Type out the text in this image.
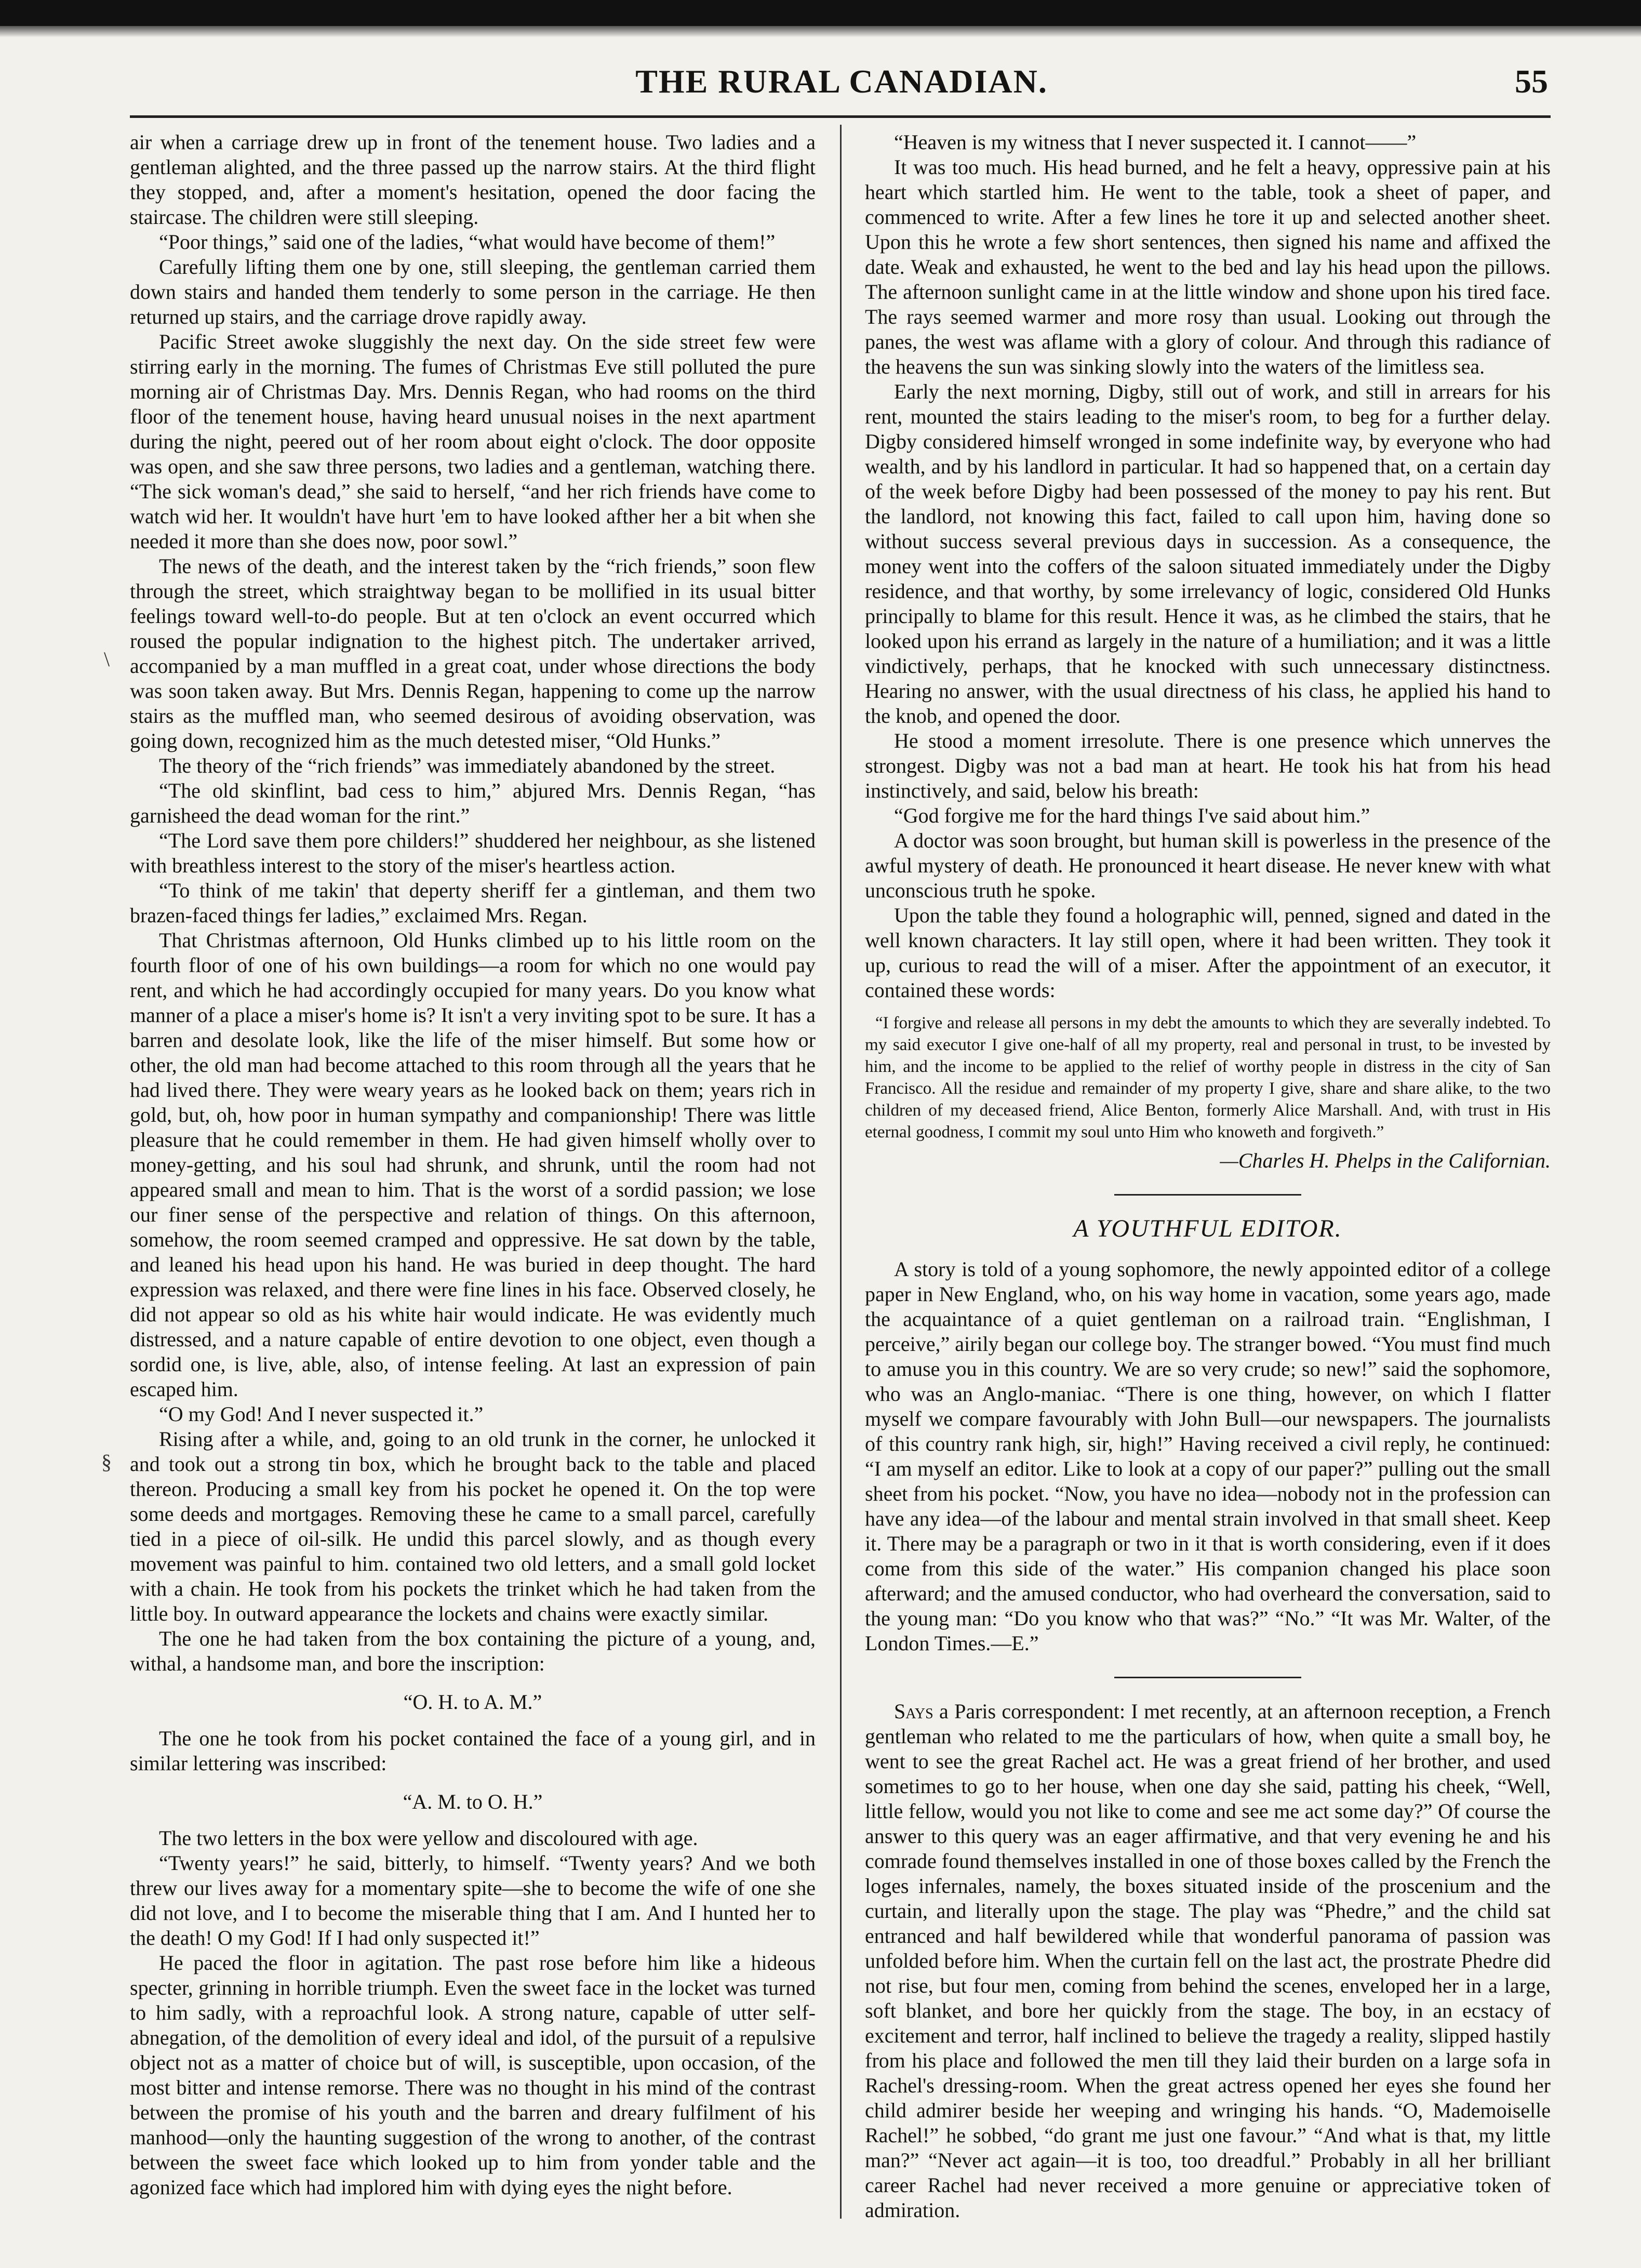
THE RURAL CANADIAN.	55
\
§

air when a carriage drew up in front of the tenement house. Two ladies and a gentleman alighted, and the three passed up the narrow stairs. At the third flight they stopped, and, after a moment's hesitation, opened the door facing the staircase. The children were still sleeping.

“Poor things,” said one of the ladies, “what would have become of them!”

Carefully lifting them one by one, still sleeping, the gentleman carried them down stairs and handed them tenderly to some person in the carriage. He then returned up stairs, and the carriage drove rapidly away.

Pacific Street awoke sluggishly the next day. On the side street few were stirring early in the morning. The fumes of Christmas Eve still polluted the pure morning air of Christmas Day. Mrs. Dennis Regan, who had rooms on the third floor of the tenement house, having heard unusual noises in the next apartment during the night, peered out of her room about eight o'clock. The door opposite was open, and she saw three persons, two ladies and a gentleman, watching there. “The sick woman's dead,” she said to herself, “and her rich friends have come to watch wid her. It wouldn't have hurt 'em to have looked afther her a bit when she needed it more than she does now, poor sowl.”

The news of the death, and the interest taken by the “rich friends,” soon flew through the street, which straightway began to be mollified in its usual bitter feelings toward well-to-do people. But at ten o'clock an event occurred which roused the popular indignation to the highest pitch. The undertaker arrived, accompanied by a man muffled in a great coat, under whose directions the body was soon taken away. But Mrs. Dennis Regan, happening to come up the narrow stairs as the muffled man, who seemed desirous of avoiding observation, was going down, recognized him as the much detested miser, “Old Hunks.”

The theory of the “rich friends” was immediately abandoned by the street.

“The old skinflint, bad cess to him,” abjured Mrs. Dennis Regan, “has garnisheed the dead woman for the rint.”

“The Lord save them pore childers!” shuddered her neighbour, as she listened with breathless interest to the story of the miser's heartless action.

“To think of me takin' that deperty sheriff fer a gintleman, and them two brazen-faced things fer ladies,” exclaimed Mrs. Regan.

That Christmas afternoon, Old Hunks climbed up to his little room on the fourth floor of one of his own buildings—a room for which no one would pay rent, and which he had accordingly occupied for many years. Do you know what manner of a place a miser's home is? It isn't a very inviting spot to be sure. It has a barren and desolate look, like the life of the miser himself. But some how or other, the old man had become attached to this room through all the years that he had lived there. They were weary years as he looked back on them; years rich in gold, but, oh, how poor in human sympathy and companionship! There was little pleasure that he could remember in them. He had given himself wholly over to money-getting, and his soul had shrunk, and shrunk, until the room had not appeared small and mean to him. That is the worst of a sordid passion; we lose our finer sense of the perspective and relation of things. On this afternoon, somehow, the room seemed cramped and oppressive. He sat down by the table, and leaned his head upon his hand. He was buried in deep thought. The hard expression was relaxed, and there were fine lines in his face. Observed closely, he did not appear so old as his white hair would indicate. He was evidently much distressed, and a nature capable of entire devotion to one object, even though a sordid one, is live, able, also, of intense feeling. At last an expression of pain escaped him.

“O my God! And I never suspected it.”

Rising after a while, and, going to an old trunk in the corner, he unlocked it and took out a strong tin box, which he brought back to the table and placed thereon. Producing a small key from his pocket he opened it. On the top were some deeds and mortgages. Removing these he came to a small parcel, carefully tied in a piece of oil-silk. He undid this parcel slowly, and as though every movement was painful to him. contained two old letters, and a small gold locket with a chain. He took from his pockets the trinket which he had taken from the little boy. In outward appearance the lockets and chains were exactly similar.

The one he had taken from the box containing the picture of a young, and, withal, a handsome man, and bore the inscription:

“O. H. to A. M.”

The one he took from his pocket contained the face of a young girl, and in similar lettering was inscribed:

“A. M. to O. H.”

The two letters in the box were yellow and discoloured with age.

“Twenty years!” he said, bitterly, to himself. “Twenty years? And we both threw our lives away for a momentary spite—she to become the wife of one she did not love, and I to become the miserable thing that I am. And I hunted her to the death! O my God! If I had only suspected it!”

He paced the floor in agitation. The past rose before him like a hideous specter, grinning in horrible triumph. Even the sweet face in the locket was turned to him sadly, with a reproachful look. A strong nature, capable of utter self-abnegation, of the demolition of every ideal and idol, of the pursuit of a repulsive object not as a matter of choice but of will, is susceptible, upon occasion, of the most bitter and intense remorse. There was no thought in his mind of the contrast between the promise of his youth and the barren and dreary fulfilment of his manhood—only the haunting suggestion of the wrong to another, of the contrast between the sweet face which looked up to him from yonder table and the agonized face which had implored him with dying eyes the night before.

“Heaven is my witness that I never suspected it. I cannot——”

It was too much. His head burned, and he felt a heavy, oppressive pain at his heart which startled him. He went to the table, took a sheet of paper, and commenced to write. After a few lines he tore it up and selected another sheet. Upon this he wrote a few short sentences, then signed his name and affixed the date. Weak and exhausted, he went to the bed and lay his head upon the pillows. The afternoon sunlight came in at the little window and shone upon his tired face. The rays seemed warmer and more rosy than usual. Looking out through the panes, the west was aflame with a glory of colour. And through this radiance of the heavens the sun was sinking slowly into the waters of the limitless sea.

Early the next morning, Digby, still out of work, and still in arrears for his rent, mounted the stairs leading to the miser's room, to beg for a further delay. Digby considered himself wronged in some indefinite way, by everyone who had wealth, and by his landlord in particular. It had so happened that, on a certain day of the week before Digby had been possessed of the money to pay his rent. But the landlord, not knowing this fact, failed to call upon him, having done so without success several previous days in succession. As a consequence, the money went into the coffers of the saloon situated immediately under the Digby residence, and that worthy, by some irrelevancy of logic, considered Old Hunks principally to blame for this result. Hence it was, as he climbed the stairs, that he looked upon his errand as largely in the nature of a humiliation; and it was a little vindictively, perhaps, that he knocked with such unnecessary distinctness. Hearing no answer, with the usual directness of his class, he applied his hand to the knob, and opened the door.

He stood a moment irresolute. There is one presence which unnerves the strongest. Digby was not a bad man at heart. He took his hat from his head instinctively, and said, below his breath:

“God forgive me for the hard things I've said about him.”

A doctor was soon brought, but human skill is powerless in the presence of the awful mystery of death. He pronounced it heart disease. He never knew with what unconscious truth he spoke.

Upon the table they found a holographic will, penned, signed and dated in the well known characters. It lay still open, where it had been written. They took it up, curious to read the will of a miser. After the appointment of an executor, it contained these words:

“I forgive and release all persons in my debt the amounts to which they are severally indebted. To my said executor I give one-half of all my property, real and personal in trust, to be invested by him, and the income to be applied to the relief of worthy people in distress in the city of San Francisco. All the residue and remainder of my property I give, share and share alike, to the two children of my deceased friend, Alice Benton, formerly Alice Marshall. And, with trust in His eternal goodness, I commit my soul unto Him who knoweth and forgiveth.”

—Charles H. Phelps in the Californian.

A YOUTHFUL EDITOR.

A story is told of a young sophomore, the newly appointed editor of a college paper in New England, who, on his way home in vacation, some years ago, made the acquaintance of a quiet gentleman on a railroad train. “Englishman, I perceive,” airily began our college boy. The stranger bowed. “You must find much to amuse you in this country. We are so very crude; so new!” said the sophomore, who was an Anglo-maniac. “There is one thing, however, on which I flatter myself we compare favourably with John Bull—our newspapers. The journalists of this country rank high, sir, high!” Having received a civil reply, he continued: “I am myself an editor. Like to look at a copy of our paper?” pulling out the small sheet from his pocket. “Now, you have no idea—nobody not in the profession can have any idea—of the labour and mental strain involved in that small sheet. Keep it. There may be a paragraph or two in it that is worth considering, even if it does come from this side of the water.” His companion changed his place soon afterward; and the amused conductor, who had overheard the conversation, said to the young man: “Do you know who that was?” “No.” “It was Mr. Walter, of the London Times.—E.”

Says a Paris correspondent: I met recently, at an afternoon reception, a French gentleman who related to me the particulars of how, when quite a small boy, he went to see the great Rachel act. He was a great friend of her brother, and used sometimes to go to her house, when one day she said, patting his cheek, “Well, little fellow, would you not like to come and see me act some day?” Of course the answer to this query was an eager affirmative, and that very evening he and his comrade found themselves installed in one of those boxes called by the French the loges infernales, namely, the boxes situated inside of the proscenium and the curtain, and literally upon the stage. The play was “Phedre,” and the child sat entranced and half bewildered while that wonderful panorama of passion was unfolded before him. When the curtain fell on the last act, the prostrate Phedre did not rise, but four men, coming from behind the scenes, enveloped her in a large, soft blanket, and bore her quickly from the stage. The boy, in an ecstacy of excitement and terror, half inclined to believe the tragedy a reality, slipped hastily from his place and followed the men till they laid their burden on a large sofa in Rachel's dressing-room. When the great actress opened her eyes she found her child admirer beside her weeping and wringing his hands. “O, Mademoiselle Rachel!” he sobbed, “do grant me just one favour.” “And what is that, my little man?” “Never act again—it is too, too dreadful.” Probably in all her brilliant career Rachel had never received a more genuine or appreciative token of admiration.
